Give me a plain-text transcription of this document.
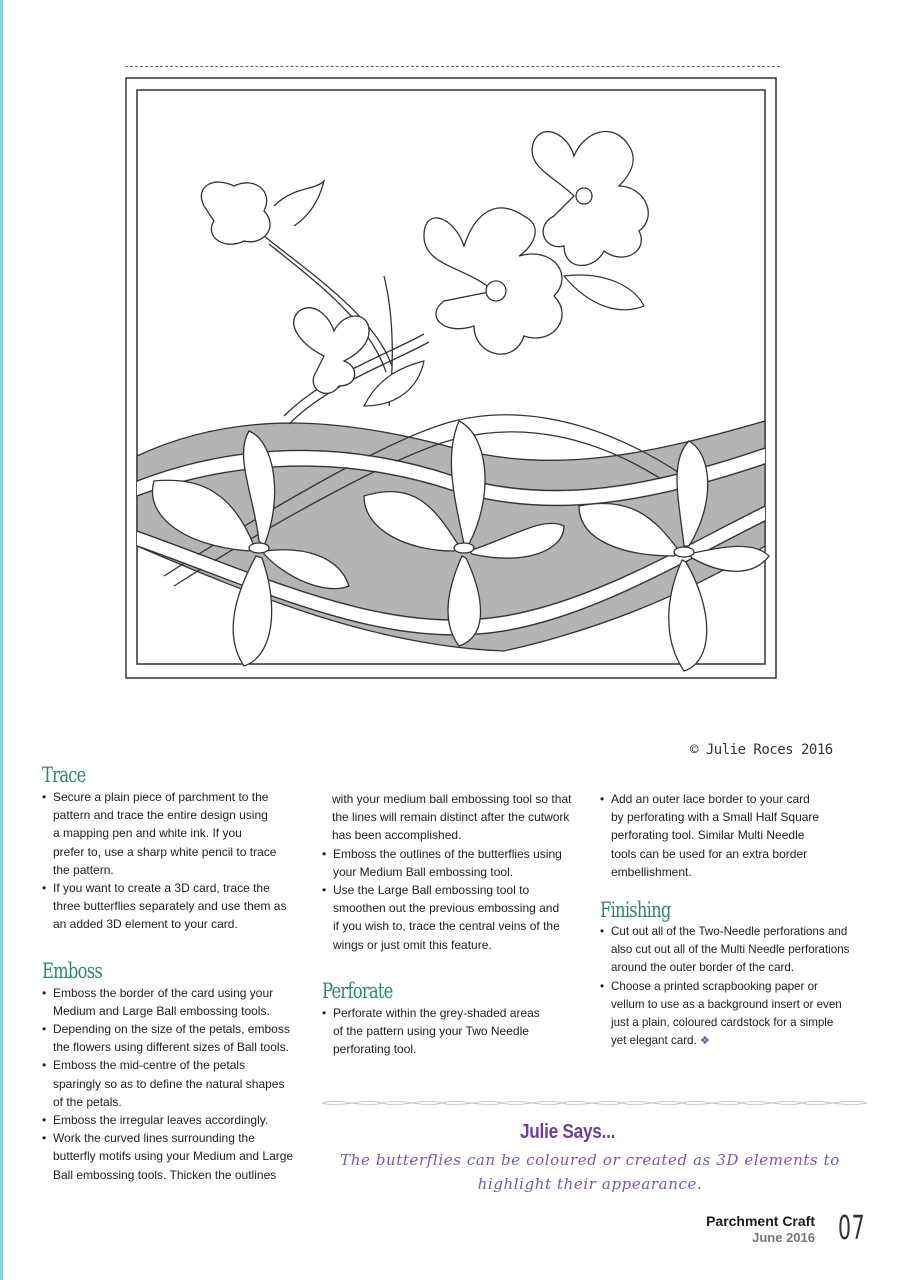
© Julie Roces 2016
Trace
• Secure a plain piece of parchment to the
pattern and trace the entire design using
a mapping pen and white ink. If you
prefer to, use a sharp white pencil to trace
the pattern.
• If you want to create a 3D card, trace the
three butterflies separately and use them as
an added 3D element to your card.
Emboss
• Emboss the border of the card using your
Medium and Large Ball embossing tools.
• Depending on the size of the petals, emboss
the flowers using different sizes of Ball tools.
• Emboss the mid-centre of the petals
sparingly so as to define the natural shapes
of the petals.
• Emboss the irregular leaves accordingly.
• Work the curved lines surrounding the
butterfly motifs using your Medium and Large
Ball embossing tools. Thicken the outlines
with your medium ball embossing tool so that
the lines will remain distinct after the cutwork
has been accomplished.
• Emboss the outlines of the butterflies using
your Medium Ball embossing tool.
• Use the Large Ball embossing tool to
smoothen out the previous embossing and
if you wish to, trace the central veins of the
wings or just omit this feature.
Perforate
• Perforate within the grey-shaded areas
of the pattern using your Two Needle
perforating tool.
• Add an outer lace border to your card
by perforating with a Small Half Square
perforating tool. Similar Multi Needle
tools can be used for an extra border
embellishment.
Finishing
• Cut out all of the Two-Needle perforations and
also cut out all of the Multi Needle perforations
around the outer border of the card.
• Choose a printed scrapbooking paper or
vellum to use as a background insert or even
just a plain, coloured cardstock for a simple
yet elegant card. ❖
Julie Says...
The butterflies can be coloured or created as 3D elements to
highlight their appearance.
Parchment Craft
June 2016 07
